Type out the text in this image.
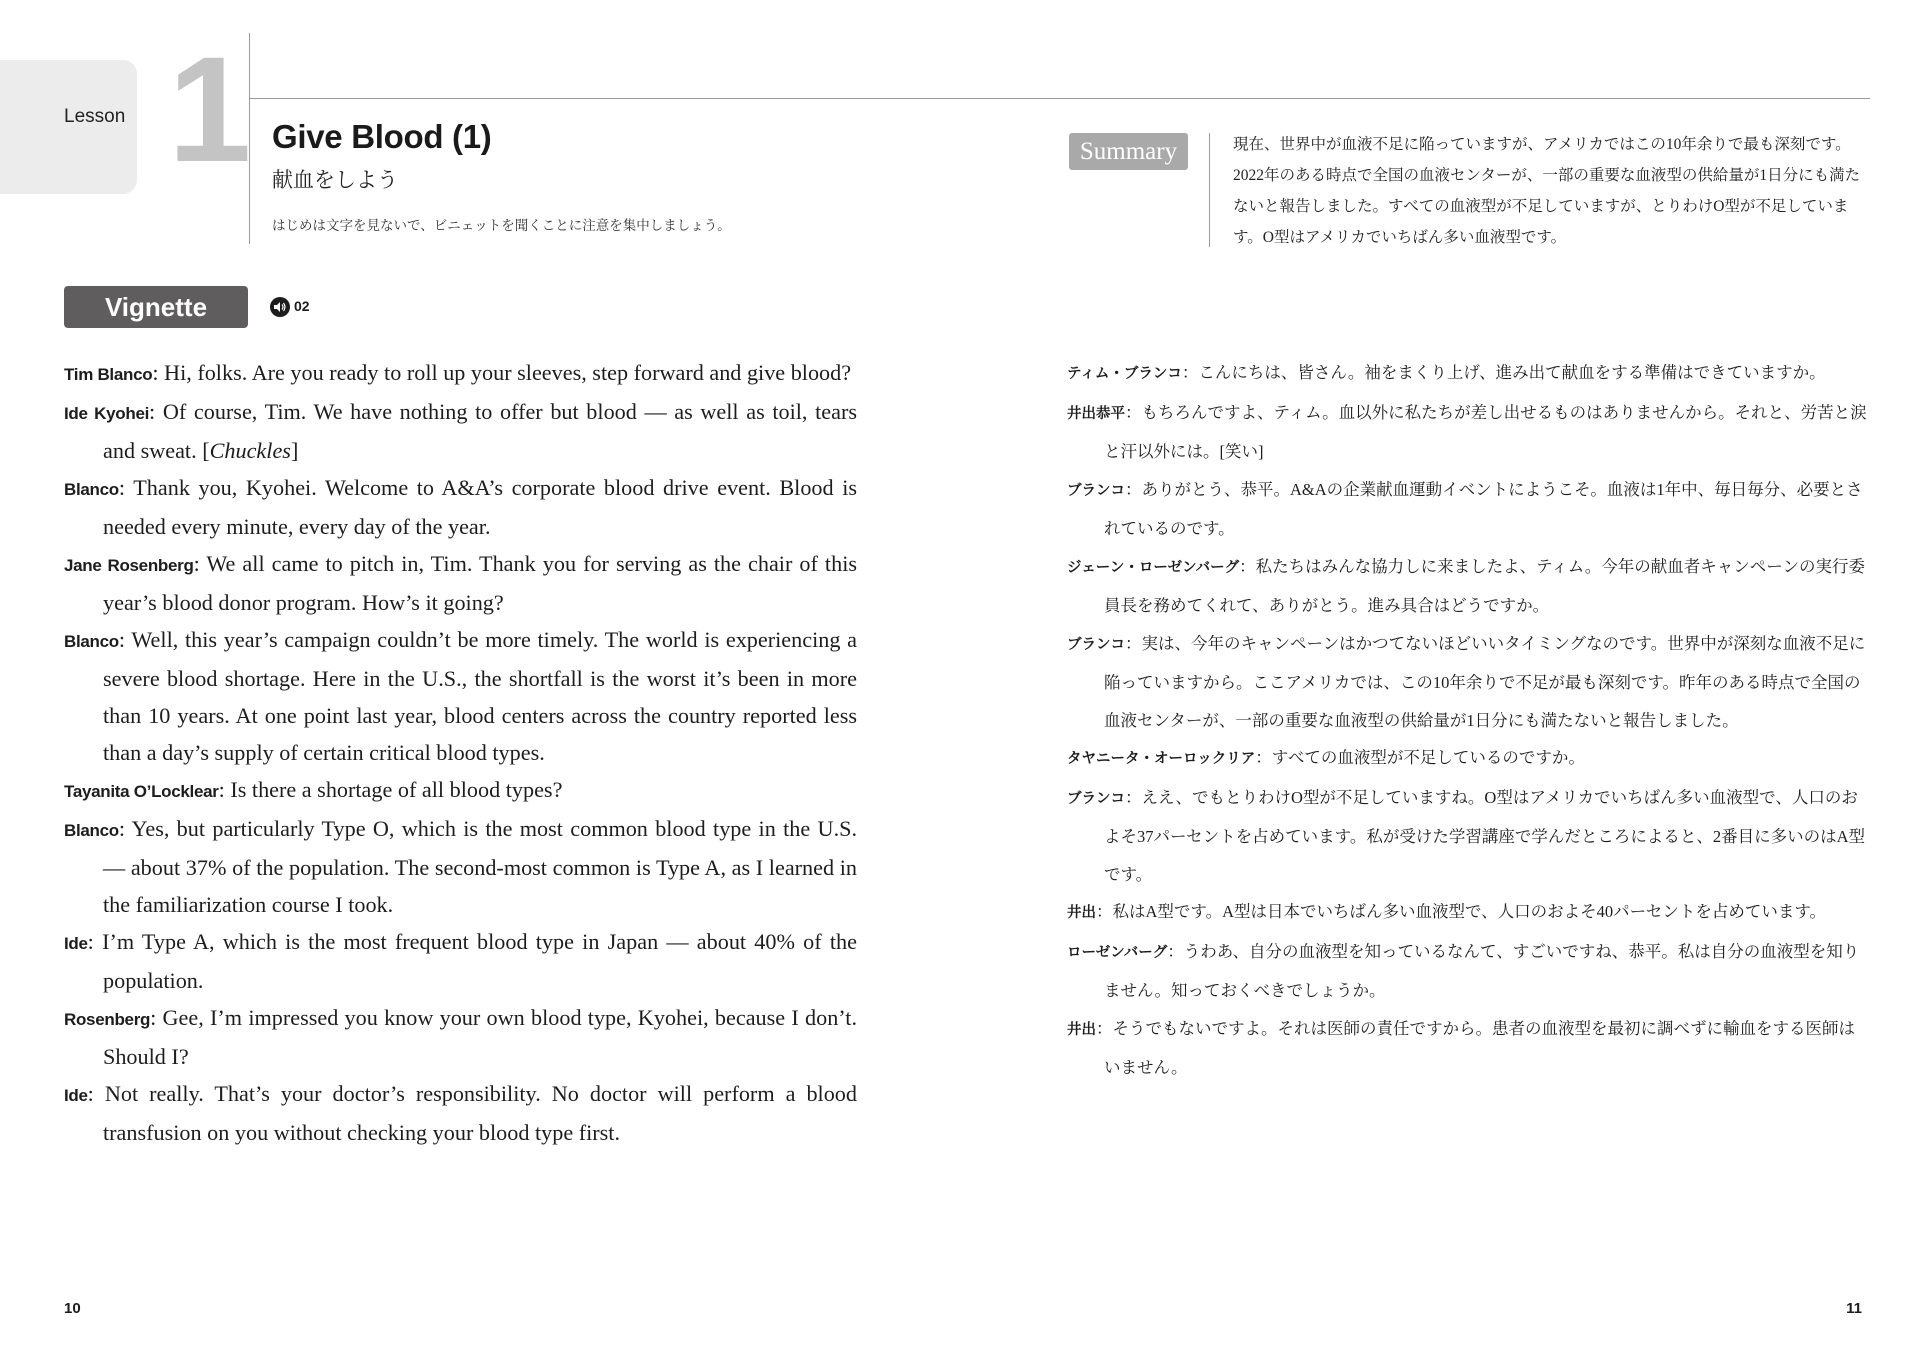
Lesson 1 Give Blood (1)
献血をしよう
はじめは文字を見ないで、ビニェットを聞くことに注意を集中しましょう。
Summary	現在、世界中が血液不足に陥っていますが、アメリカではこの10年余りで最も深刻です。2022年のある時点で全国の血液センターが、一部の重要な血液型の供給量が1日分にも満たないと報告しました。すべての血液型が不足していますが、とりわけO型が不足しています。O型はアメリカでいちばん多い血液型です。
Vignette	02

Tim Blanco: Hi, folks. Are you ready to roll up your sleeves, step forward and give blood?

Ide Kyohei: Of course, Tim. We have nothing to offer but blood — as well as toil, tears and sweat. [Chuckles]

Blanco: Thank you, Kyohei. Welcome to A&A’s corporate blood drive event. Blood is needed every minute, every day of the year.

Jane Rosenberg: We all came to pitch in, Tim. Thank you for serving as the chair of this year’s blood donor program. How’s it going?

Blanco: Well, this year’s campaign couldn’t be more timely. The world is experiencing a severe blood shortage. Here in the U.S., the shortfall is the worst it’s been in more than 10 years. At one point last year, blood centers across the country reported less than a day’s supply of certain critical blood types.

Tayanita O’Locklear: Is there a shortage of all blood types?

Blanco: Yes, but particularly Type O, which is the most common blood type in the U.S. — about 37% of the population. The second-most common is Type A, as I learned in the familiarization course I took.

Ide: I’m Type A, which is the most frequent blood type in Japan — about 40% of the population.

Rosenberg: Gee, I’m impressed you know your own blood type, Kyohei, because I don’t. Should I?

Ide: Not really. That’s your doctor’s responsibility. No doctor will perform a blood transfusion on you without checking your blood type first.

ティム・ブランコ：こんにちは、皆さん。袖をまくり上げ、進み出て献血をする準備はできていますか。

井出恭平：もちろんですよ、ティム。血以外に私たちが差し出せるものはありませんから。それと、労苦と涙と汗以外には。[笑い]

ブランコ：ありがとう、恭平。A&Aの企業献血運動イベントにようこそ。血液は1年中、毎日毎分、必要とされているのです。

ジェーン・ローゼンバーグ：私たちはみんな協力しに来ましたよ、ティム。今年の献血者キャンペーンの実行委員長を務めてくれて、ありがとう。進み具合はどうですか。

ブランコ：実は、今年のキャンペーンはかつてないほどいいタイミングなのです。世界中が深刻な血液不足に陥っていますから。ここアメリカでは、この10年余りで不足が最も深刻です。昨年のある時点で全国の血液センターが、一部の重要な血液型の供給量が1日分にも満たないと報告しました。

タヤニータ・オーロックリア：すべての血液型が不足しているのですか。

ブランコ：ええ、でもとりわけO型が不足していますね。O型はアメリカでいちばん多い血液型で、人口のおよそ37パーセントを占めています。私が受けた学習講座で学んだところによると、2番目に多いのはA型です。

井出：私はA型です。A型は日本でいちばん多い血液型で、人口のおよそ40パーセントを占めています。

ローゼンバーグ：うわあ、自分の血液型を知っているなんて、すごいですね、恭平。私は自分の血液型を知りません。知っておくべきでしょうか。

井出：そうでもないですよ。それは医師の責任ですから。患者の血液型を最初に調べずに輸血をする医師はいません。

10	11
